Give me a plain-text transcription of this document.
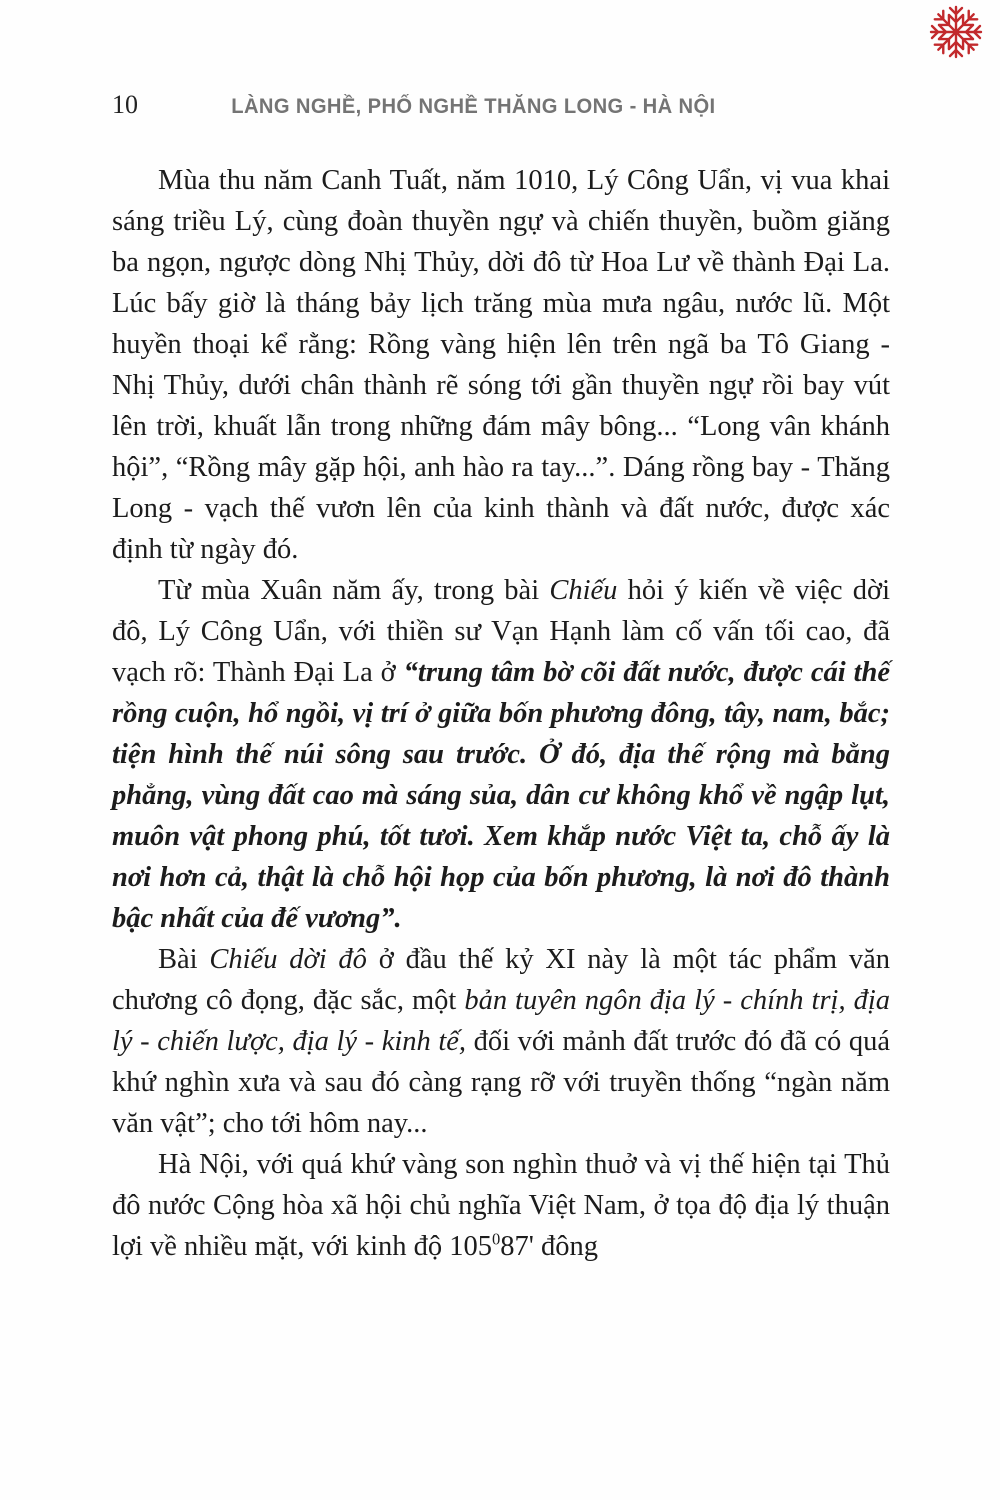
10	LÀNG NGHỀ, PHỐ NGHỀ THĂNG LONG - HÀ NỘI

Mùa thu năm Canh Tuất, năm 1010, Lý Công Uẩn, vị vua khai sáng triều Lý, cùng đoàn thuyền ngự và chiến thuyền, buồm giăng ba ngọn, ngược dòng Nhị Thủy, dời đô từ Hoa Lư về thành Đại La. Lúc bấy giờ là tháng bảy lịch trăng mùa mưa ngâu, nước lũ. Một huyền thoại kể rằng: Rồng vàng hiện lên trên ngã ba Tô Giang - Nhị Thủy, dưới chân thành rẽ sóng tới gần thuyền ngự rồi bay vút lên trời, khuất lẫn trong những đám mây bông... “Long vân khánh hội”, “Rồng mây gặp hội, anh hào ra tay...”. Dáng rồng bay - Thăng Long - vạch thế vươn lên của kinh thành và đất nước, được xác định từ ngày đó.

Từ mùa Xuân năm ấy, trong bài Chiếu hỏi ý kiến về việc dời đô, Lý Công Uẩn, với thiền sư Vạn Hạnh làm cố vấn tối cao, đã vạch rõ: Thành Đại La ở “trung tâm bờ cõi đất nước, được cái thế rồng cuộn, hổ ngồi, vị trí ở giữa bốn phương đông, tây, nam, bắc; tiện hình thế núi sông sau trước. Ở đó, địa thế rộng mà bằng phẳng, vùng đất cao mà sáng sủa, dân cư không khổ về ngập lụt, muôn vật phong phú, tốt tươi. Xem khắp nước Việt ta, chỗ ấy là nơi hơn cả, thật là chỗ hội họp của bốn phương, là nơi đô thành bậc nhất của đế vương”.

Bài Chiếu dời đô ở đầu thế kỷ XI này là một tác phẩm văn chương cô đọng, đặc sắc, một bản tuyên ngôn địa lý - chính trị, địa lý - chiến lược, địa lý - kinh tế, đối với mảnh đất trước đó đã có quá khứ nghìn xưa và sau đó càng rạng rỡ với truyền thống “ngàn năm văn vật”; cho tới hôm nay...

Hà Nội, với quá khứ vàng son nghìn thuở và vị thế hiện tại Thủ đô nước Cộng hòa xã hội chủ nghĩa Việt Nam, ở tọa độ địa lý thuận lợi về nhiều mặt, với kinh độ $105^087'$ đông
